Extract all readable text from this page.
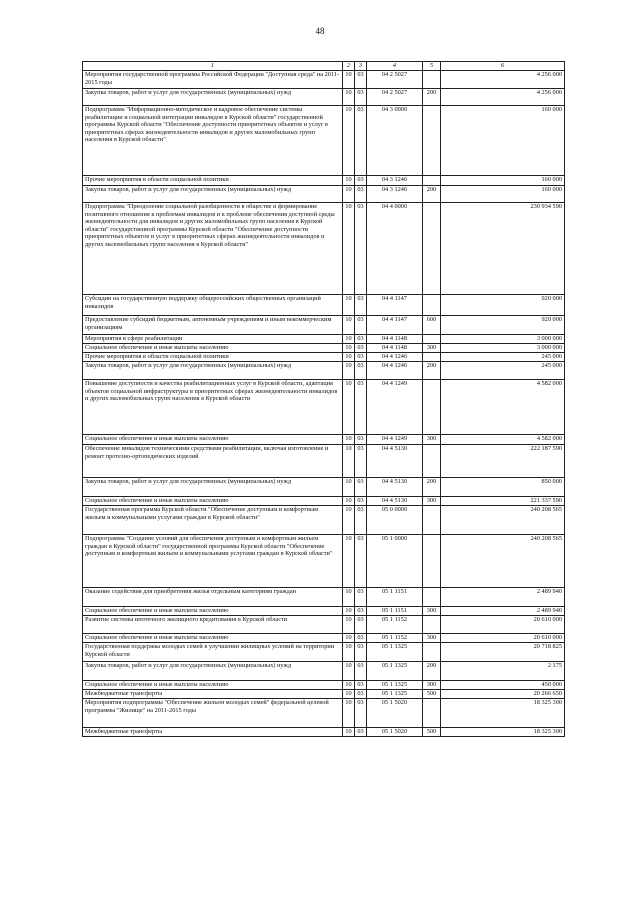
48
1	2	3	4	5	6
Мероприятия государственной программы Российской Федерации "Доступная среда" на 2011-2015 годы	10	03	04 2 5027		4 256 000
Закупка товаров, работ и услуг для государственных (муниципальных) нужд	10	03	04 2 5027	200	4 256 000
Подпрограмма "Информационно-методическое и кадровое обеспечение системы реабилитации и социальной интеграции инвалидов в Курской области" государственной программы Курской области "Обеспечение доступности приоритетных объектов и услуг в приоритетных сферах жизнедеятельности инвалидов и других маломобильных групп населения в Курской области"	10	03	04 3 0000		160 000
Прочие мероприятия в области социальной политики	10	03	04 3 1246		160 000
Закупка товаров, работ и услуг для государственных (муниципальных) нужд	10	03	04 3 1246	200	160 000
Подпрограмма "Преодоление социальной разобщенности в обществе и формирование позитивного отношения к проблемам инвалидов и к проблеме обеспечения доступной среды жизнедеятельности для инвалидов и других маломобильных групп населения в Курской области" государственной программы Курской области "Обеспечение доступности приоритетных объектов и услуг в приоритетных сферах жизнедеятельности инвалидов и других маломобильных групп населения в Курской области"	10	03	04 4 0000		230 934 590
Субсидии на государственную поддержку общероссийских общественных организаций инвалидов	10	03	04 4 1147		920 000
Предоставление субсидий бюджетным, автономным учреждениям и иным некоммерческим организациям	10	03	04 4 1147	600	920 000
Мероприятия в сфере реабилитации	10	03	04 4 1148		3 000 000
Социальное обеспечение и иные выплаты населению	10	03	04 4 1148	300	3 000 000
Прочие мероприятия в области социальной политики	10	03	04 4 1246		245 000
Закупка товаров, работ и услуг для государственных (муниципальных) нужд	10	03	04 4 1246	200	245 000
Повышение доступности и качества реабилитационных услуг в Курской области, адаптация объектов социальной инфраструктуры в приоритетных сферах жизнедеятельности инвалидов и других маломобильных групп населения в Курской области	10	03	04 4 1249		4 582 000
Социальное обеспечение и иные выплаты населению	10	03	04 4 1249	300	4 582 000
Обеспечение инвалидов техническими средствами реабилитации, включая изготовление и ремонт протезно-ортопедических изделий	10	03	04 4 5130		222 187 590
Закупка товаров, работ и услуг для государственных (муниципальных) нужд	10	03	04 4 5130	200	850 000
Социальное обеспечение и иные выплаты населению	10	03	04 4 5130	300	221 337 590
Государственная программа Курской области "Обеспечение доступным и комфортным жильем и коммунальными услугами граждан в Курской области"	10	03	05 0 0000		240 208 565
Подпрограмма "Создание условий для обеспечения доступным и комфортным жильем граждан в Курской области" государственной программы Курской области "Обеспечение доступным и комфортным жильем и коммунальными услугами граждан в Курской области"	10	03	05 1 0000		240 208 565
Оказание содействия для приобретения жилья отдельным категориям граждан	10	03	05 1 1151		2 489 940
Социальное обеспечение и иные выплаты населению	10	03	05 1 1151	300	2 489 940
Развитие системы ипотечного жилищного кредитования в Курской области	10	03	05 1 1152		20 610 000
Социальное обеспечение и иные выплаты населению	10	03	05 1 1152	300	20 610 000
Государственная поддержка молодых семей в улучшении жилищных условий на территории Курской области	10	03	05 1 1325		20 718 825
Закупка товаров, работ и услуг для государственных (муниципальных) нужд	10	03	05 1 1325	200	2 175
Социальное обеспечение и иные выплаты населению	10	03	05 1 1325	300	450 000
Межбюджетные трансферты	10	03	05 1 1325	500	20 266 650
Мероприятия подпрограммы "Обеспечение жильем молодых семей" федеральной целевой программы "Жилище" на 2011-2015 годы	10	03	05 1 5020		18 325 300
Межбюджетные трансферты	10	03	05 1 5020	500	18 325 300
